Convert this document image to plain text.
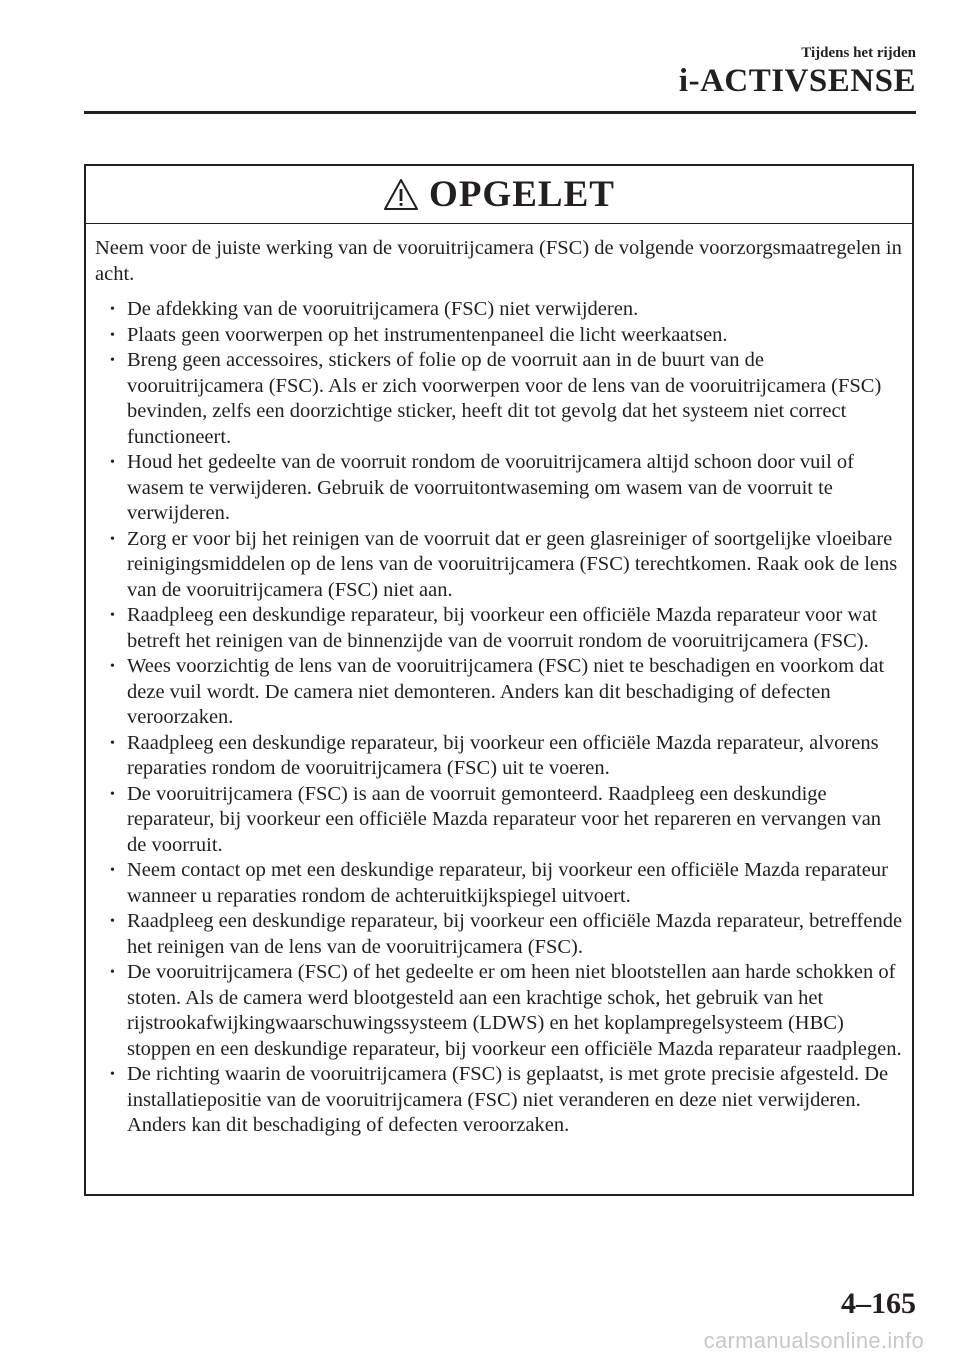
Tijdens het rijden
i-ACTIVSENSE
OPGELET

Neem voor de juiste werking van de vooruitrijcamera (FSC) de volgende voorzorgsmaatregelen in acht.

• De afdekking van de vooruitrijcamera (FSC) niet verwijderen.
• Plaats geen voorwerpen op het instrumentenpaneel die licht weerkaatsen.
• Breng geen accessoires, stickers of folie op de voorruit aan in de buurt van de vooruitrijcamera (FSC). Als er zich voorwerpen voor de lens van de vooruitrijcamera (FSC) bevinden, zelfs een doorzichtige sticker, heeft dit tot gevolg dat het systeem niet correct functioneert.
• Houd het gedeelte van de voorruit rondom de vooruitrijcamera altijd schoon door vuil of wasem te verwijderen. Gebruik de voorruitontwaseming om wasem van de voorruit te verwijderen.
• Zorg er voor bij het reinigen van de voorruit dat er geen glasreiniger of soortgelijke vloeibare reinigingsmiddelen op de lens van de vooruitrijcamera (FSC) terechtkomen. Raak ook de lens van de vooruitrijcamera (FSC) niet aan.
• Raadpleeg een deskundige reparateur, bij voorkeur een officiële Mazda reparateur voor wat betreft het reinigen van de binnenzijde van de voorruit rondom de vooruitrijcamera (FSC).
• Wees voorzichtig de lens van de vooruitrijcamera (FSC) niet te beschadigen en voorkom dat deze vuil wordt. De camera niet demonteren. Anders kan dit beschadiging of defecten veroorzaken.
• Raadpleeg een deskundige reparateur, bij voorkeur een officiële Mazda reparateur, alvorens reparaties rondom de vooruitrijcamera (FSC) uit te voeren.
• De vooruitrijcamera (FSC) is aan de voorruit gemonteerd. Raadpleeg een deskundige reparateur, bij voorkeur een officiële Mazda reparateur voor het repareren en vervangen van de voorruit.
• Neem contact op met een deskundige reparateur, bij voorkeur een officiële Mazda reparateur wanneer u reparaties rondom de achteruitkijkspiegel uitvoert.
• Raadpleeg een deskundige reparateur, bij voorkeur een officiële Mazda reparateur, betreffende het reinigen van de lens van de vooruitrijcamera (FSC).
• De vooruitrijcamera (FSC) of het gedeelte er om heen niet blootstellen aan harde schokken of stoten. Als de camera werd blootgesteld aan een krachtige schok, het gebruik van het rijstrookafwijkingwaarschuwingssysteem (LDWS) en het koplampregelsysteem (HBC) stoppen en een deskundige reparateur, bij voorkeur een officiële Mazda reparateur raadplegen.
• De richting waarin de vooruitrijcamera (FSC) is geplaatst, is met grote precisie afgesteld. De installatiepositie van de vooruitrijcamera (FSC) niet veranderen en deze niet verwijderen. Anders kan dit beschadiging of defecten veroorzaken.
4–165
carmanualsonline.info
